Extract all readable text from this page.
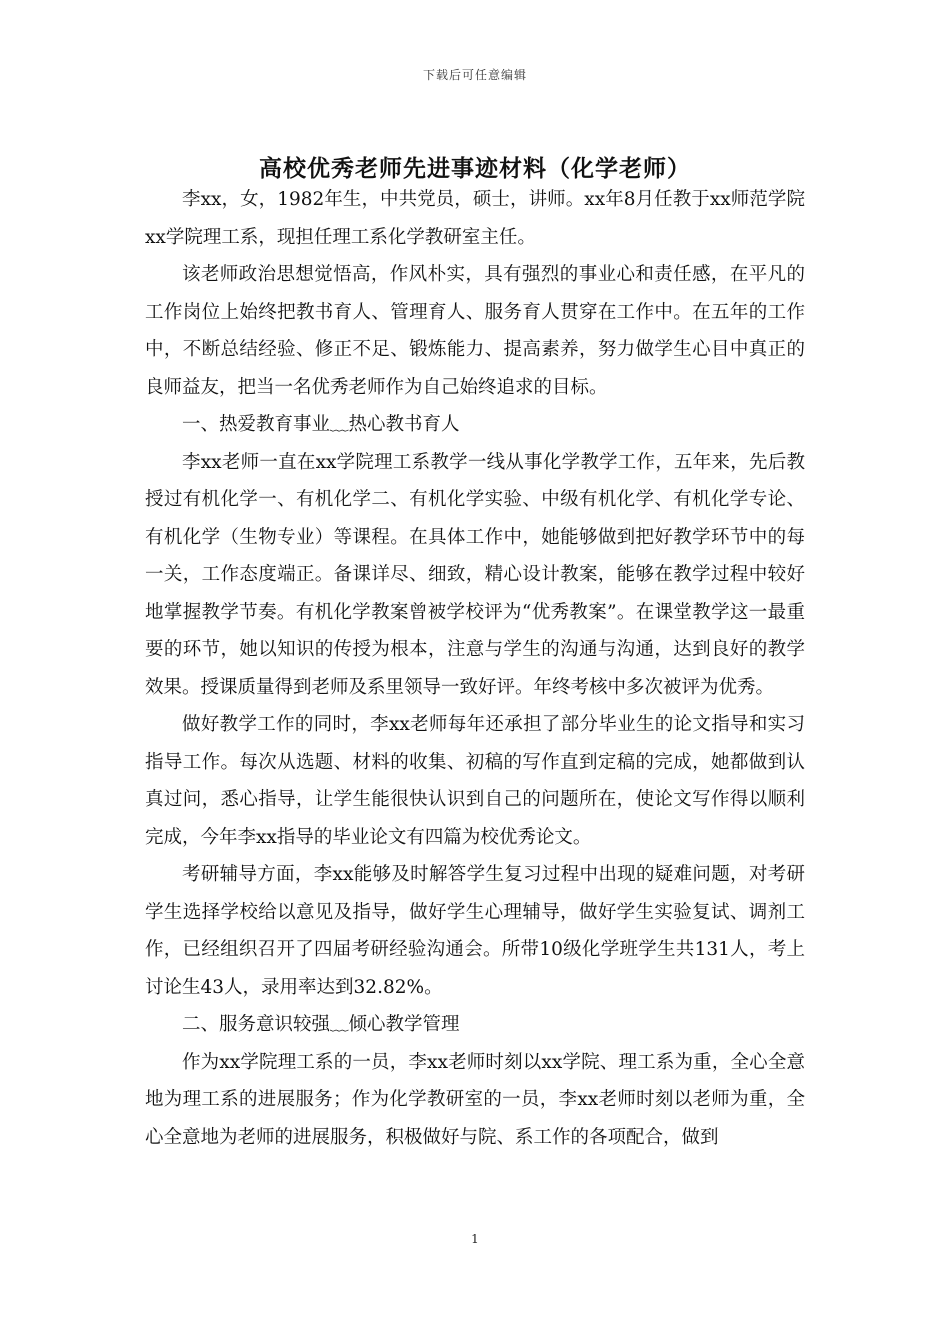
下载后可任意编辑
高校优秀老师先进事迹材料（化学老师）

李xx，女，1982年生，中共党员，硕士，讲师。xx年8月任教于xx师范学院xx学院理工系，现担任理工系化学教研室主任。

该老师政治思想觉悟高，作风朴实，具有强烈的事业心和责任感，在平凡的工作岗位上始终把教书育人、管理育人、服务育人贯穿在工作中。在五年的工作中，不断总结经验、修正不足、锻炼能力、提高素养，努力做学生心目中真正的良师益友，把当一名优秀老师作为自己始终追求的目标。

一、热爱教育事业﹏热心教书育人

李xx老师一直在xx学院理工系教学一线从事化学教学工作，五年来，先后教授过有机化学一、有机化学二、有机化学实验、中级有机化学、有机化学专论、有机化学（生物专业）等课程。在具体工作中，她能够做到把好教学环节中的每一关，工作态度端正。备课详尽、细致，精心设计教案，能够在教学过程中较好地掌握教学节奏。有机化学教案曾被学校评为“优秀教案”。在课堂教学这一最重要的环节，她以知识的传授为根本，注意与学生的沟通与沟通，达到良好的教学效果。授课质量得到老师及系里领导一致好评。年终考核中多次被评为优秀。

做好教学工作的同时，李xx老师每年还承担了部分毕业生的论文指导和实习指导工作。每次从选题、材料的收集、初稿的写作直到定稿的完成，她都做到认真过问，悉心指导，让学生能很快认识到自己的问题所在，使论文写作得以顺利完成，今年李xx指导的毕业论文有四篇为校优秀论文。

考研辅导方面，李xx能够及时解答学生复习过程中出现的疑难问题，对考研学生选择学校给以意见及指导，做好学生心理辅导，做好学生实验复试、调剂工作，已经组织召开了四届考研经验沟通会。所带10级化学班学生共131人，考上讨论生43人，录用率达到32.82%。

二、服务意识较强﹏倾心教学管理

作为xx学院理工系的一员，李xx老师时刻以xx学院、理工系为重，全心全意地为理工系的进展服务；作为化学教研室的一员，李xx老师时刻以老师为重，全心全意地为老师的进展服务，积极做好与院、系工作的各项配合，做到

1
